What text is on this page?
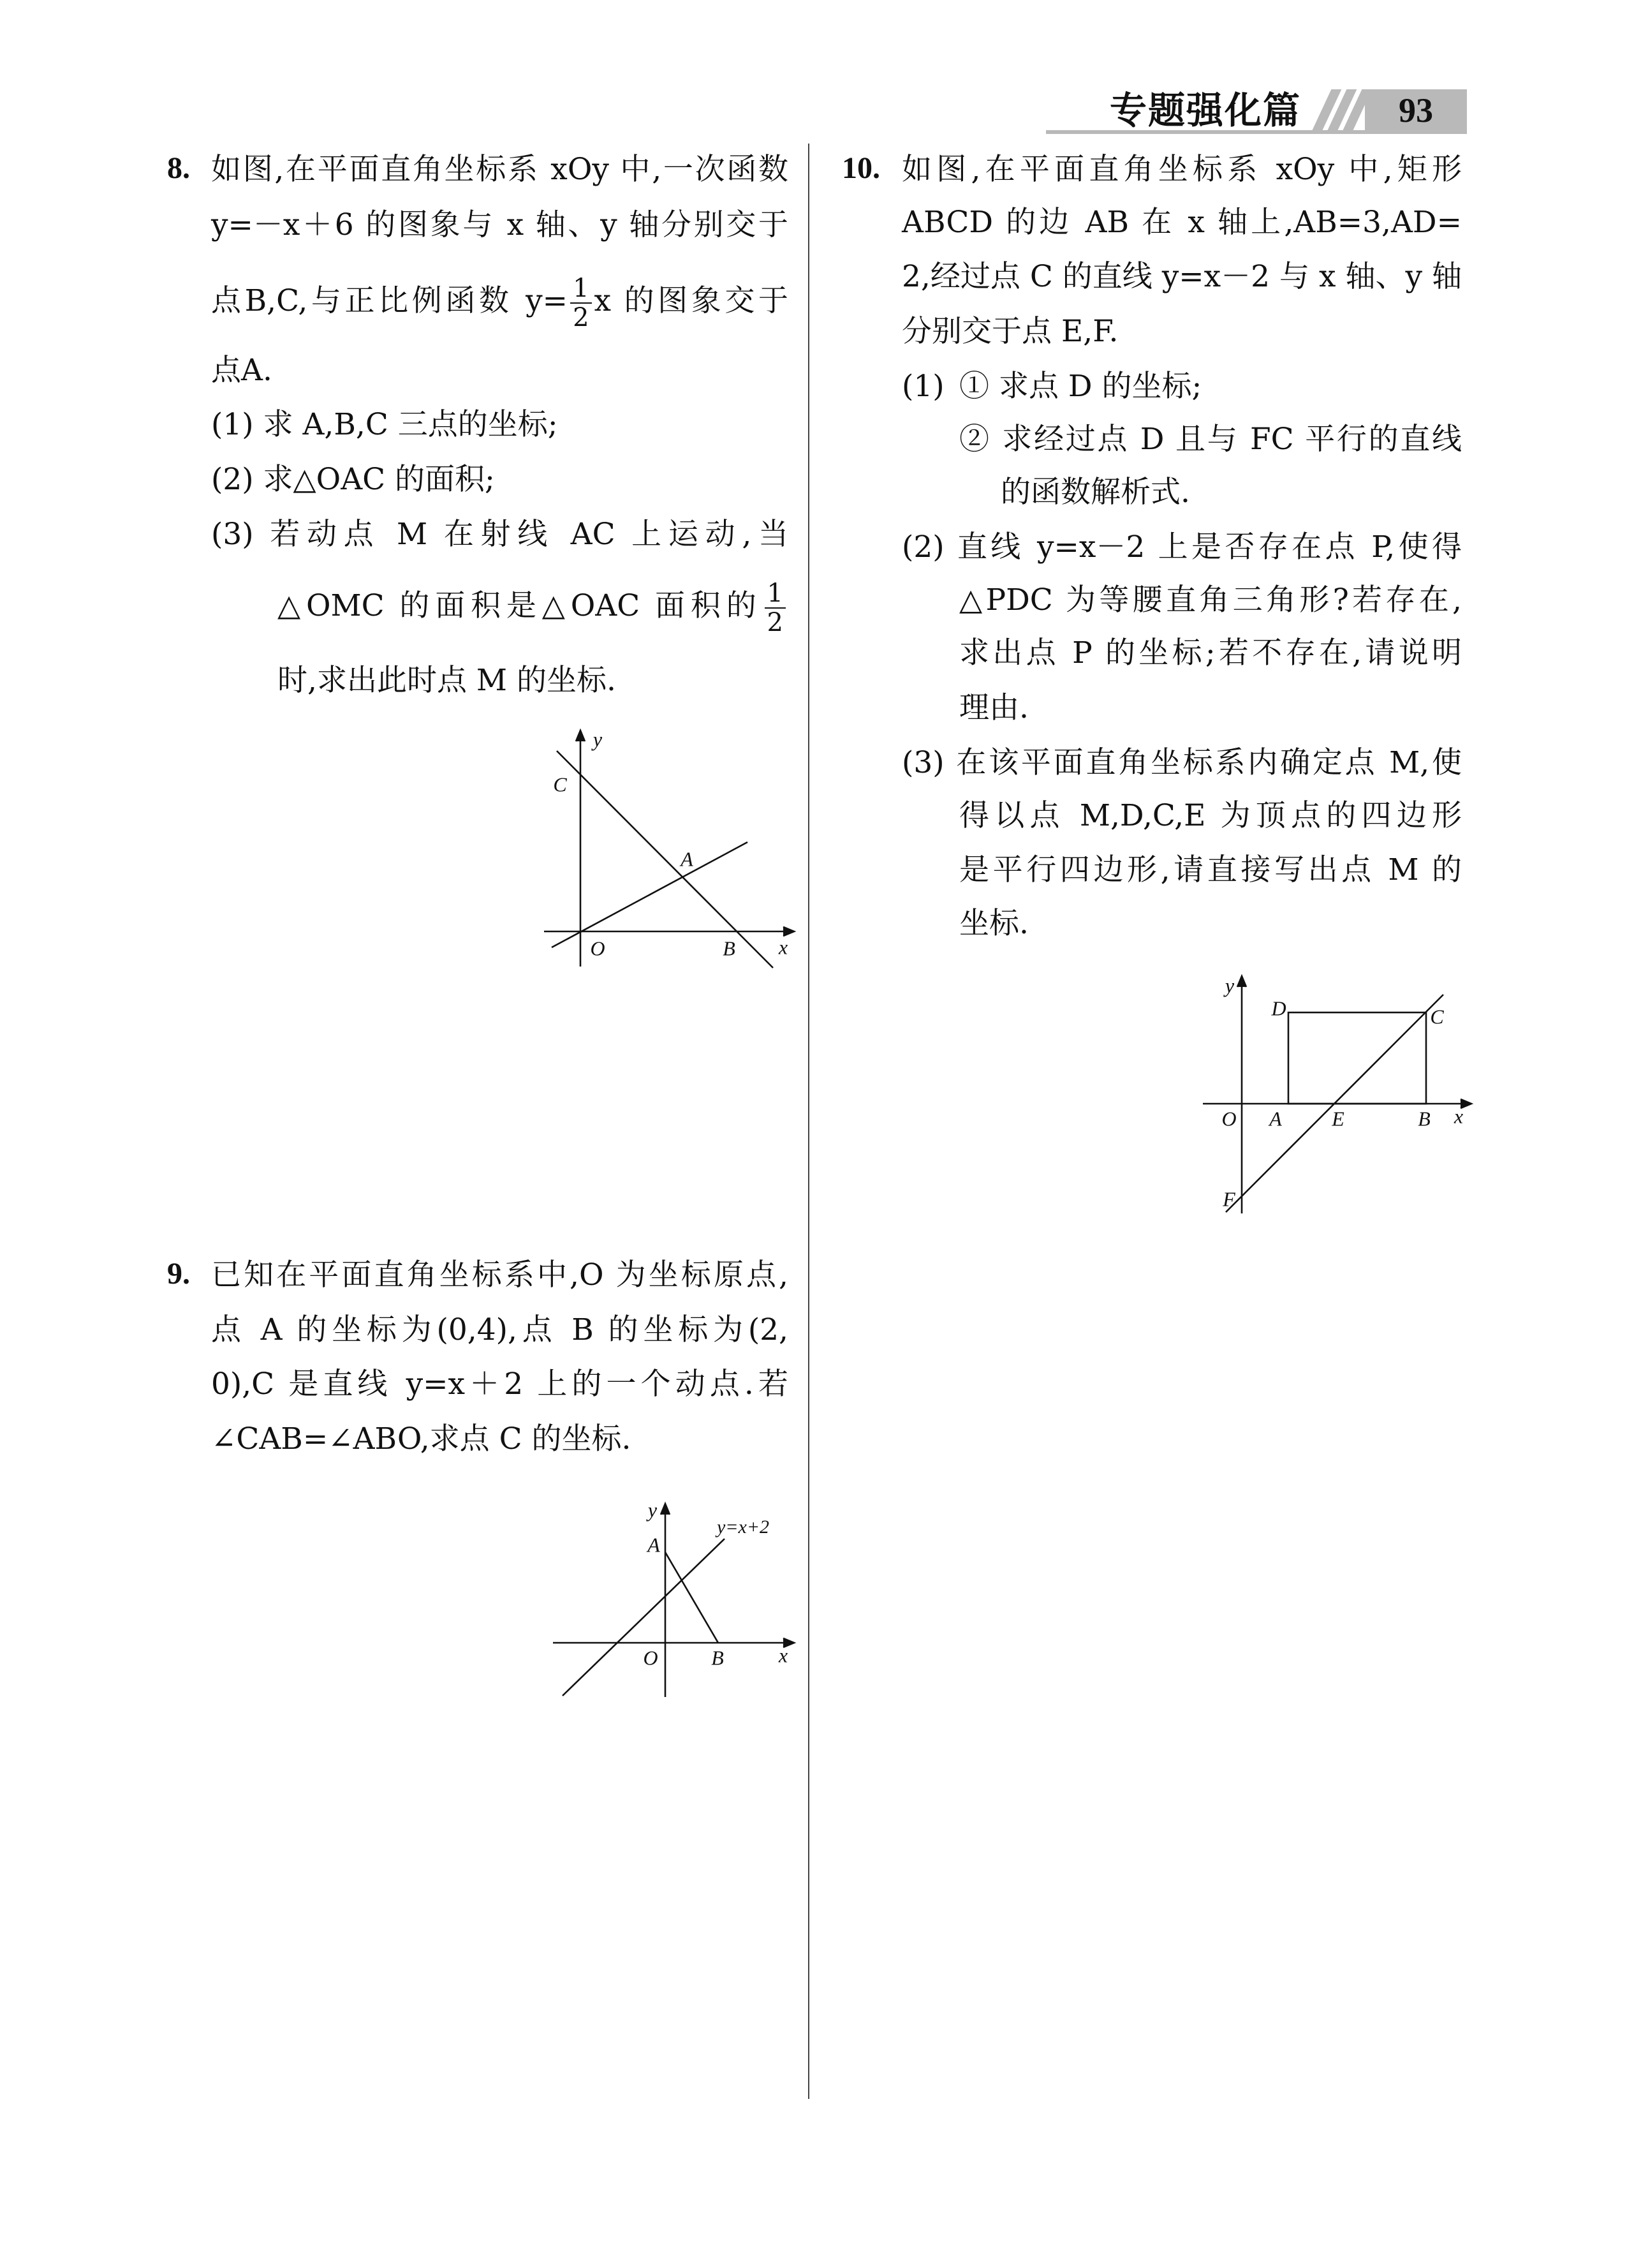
专题强化篇	93
8. 如图,在平面直角坐标系 xOy 中,一次函数
y=－x＋6 的图象与 x 轴、y 轴分别交于
点B,C,与正比例函数 $y= \frac{1}{2}$ x 的图象交于
点A.
(1) 求 A,B,C 三点的坐标;
(2) 求△OAC 的面积;
(3) 若动点 M 在射线 AC 上运动,当
△OMC 的面积是△OAC 面积的 $\frac{1}{2}$
时,求出此时点 M 的坐标.
y
x
C
A
O	B
9. 已知在平面直角坐标系中,O 为坐标原点,
点 A 的坐标为(0,4),点 B 的坐标为(2,
0),C 是直线 y=x＋2 上的一个动点.若
∠CAB=∠ABO,求点 C 的坐标.
y
y=x+2
A
O	B	x
10. 如图,在平面直角坐标系 xOy 中,矩形
ABCD 的边 AB 在 x 轴上,AB=3,AD=
2,经过点 C 的直线 y=x－2 与 x 轴、y 轴
分别交于点 E,F.
(1) ① 求点 D 的坐标;
② 求经过点 D 且与 FC 平行的直线
的函数解析式.
(2) 直线 y=x－2 上是否存在点 P,使得
△PDC 为等腰直角三角形?若存在,
求出点 P 的坐标;若不存在,请说明
理由.
(3) 在该平面直角坐标系内确定点 M,使
得以点 M,D,C,E 为顶点的四边形
是平行四边形,请直接写出点 M 的
坐标.
y
D	C
O A E	B x
F
